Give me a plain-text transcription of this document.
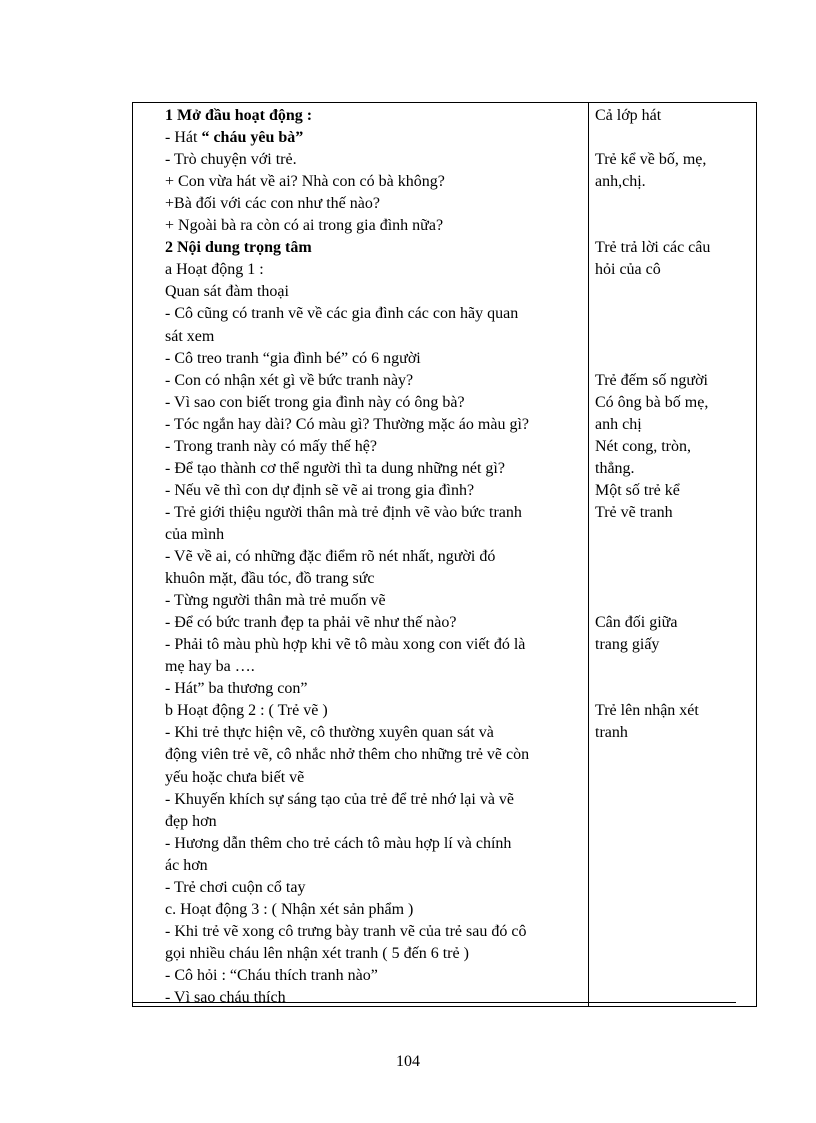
1 Mở đầu hoạt động :
- Hát “ cháu yêu bà”
- Trò chuyện với trẻ.
+ Con vừa hát về ai? Nhà con có bà không?
+Bà đối với các con như thế nào?
+ Ngoài bà ra còn có ai trong gia đình nữa?
2 Nội dung trọng tâm
a Hoạt động 1 :
Quan sát đàm thoại
- Cô cũng có tranh vẽ về các gia đình các con hãy quan
sát xem
- Cô treo tranh “gia đình bé” có 6 người
- Con có nhận xét gì về bức tranh này?
- Vì sao con biết trong gia đình này có ông bà?
- Tóc ngắn hay dài? Có màu gì? Thường mặc áo màu gì?
- Trong tranh này có mấy thế hệ?
- Để tạo thành cơ thể người thì ta dung những nét gì?
- Nếu vẽ thì con dự định sẽ vẽ ai trong gia đình?
- Trẻ giới thiệu người thân mà trẻ định vẽ vào bức tranh
của mình
- Vẽ về ai, có những đặc điểm rõ nét nhất, người đó
khuôn mặt, đầu tóc, đồ trang sức
- Từng người thân mà trẻ muốn vẽ
- Để có bức tranh đẹp ta phải vẽ như thế nào?
- Phải tô màu phù hợp khi vẽ tô màu xong con viết đó là
mẹ hay ba ….
- Hát” ba thương con”
b Hoạt động 2 : ( Trẻ vẽ )
- Khi trẻ thực hiện vẽ, cô thường xuyên quan sát và
động viên trẻ vẽ, cô nhắc nhở thêm cho những trẻ vẽ còn
yếu hoặc chưa biết vẽ
- Khuyến khích sự sáng tạo của trẻ để trẻ nhớ lại và vẽ
đẹp hơn
- Hương dẫn thêm cho trẻ cách tô màu hợp lí và chính
ác hơn
- Trẻ chơi cuộn cổ tay
c. Hoạt động 3 : ( Nhận xét sản phẩm )
- Khi trẻ vẽ xong cô trưng bày tranh vẽ của trẻ sau đó cô
gọi nhiều cháu lên nhận xét tranh ( 5 đến 6 trẻ )
- Cô hỏi : “Cháu thích tranh nào”
- Vì sao cháu thích
Cả lớp hát
Trẻ kể về bố, mẹ,
anh,chị.
Trẻ trả lời các câu
hỏi của cô
Trẻ đếm số người
Có ông bà bố mẹ,
anh chị
Nét cong, tròn,
thẳng.
Một số trẻ kể
Trẻ vẽ tranh
Cân đối giữa
trang giấy
Trẻ lên nhận xét
tranh
104
